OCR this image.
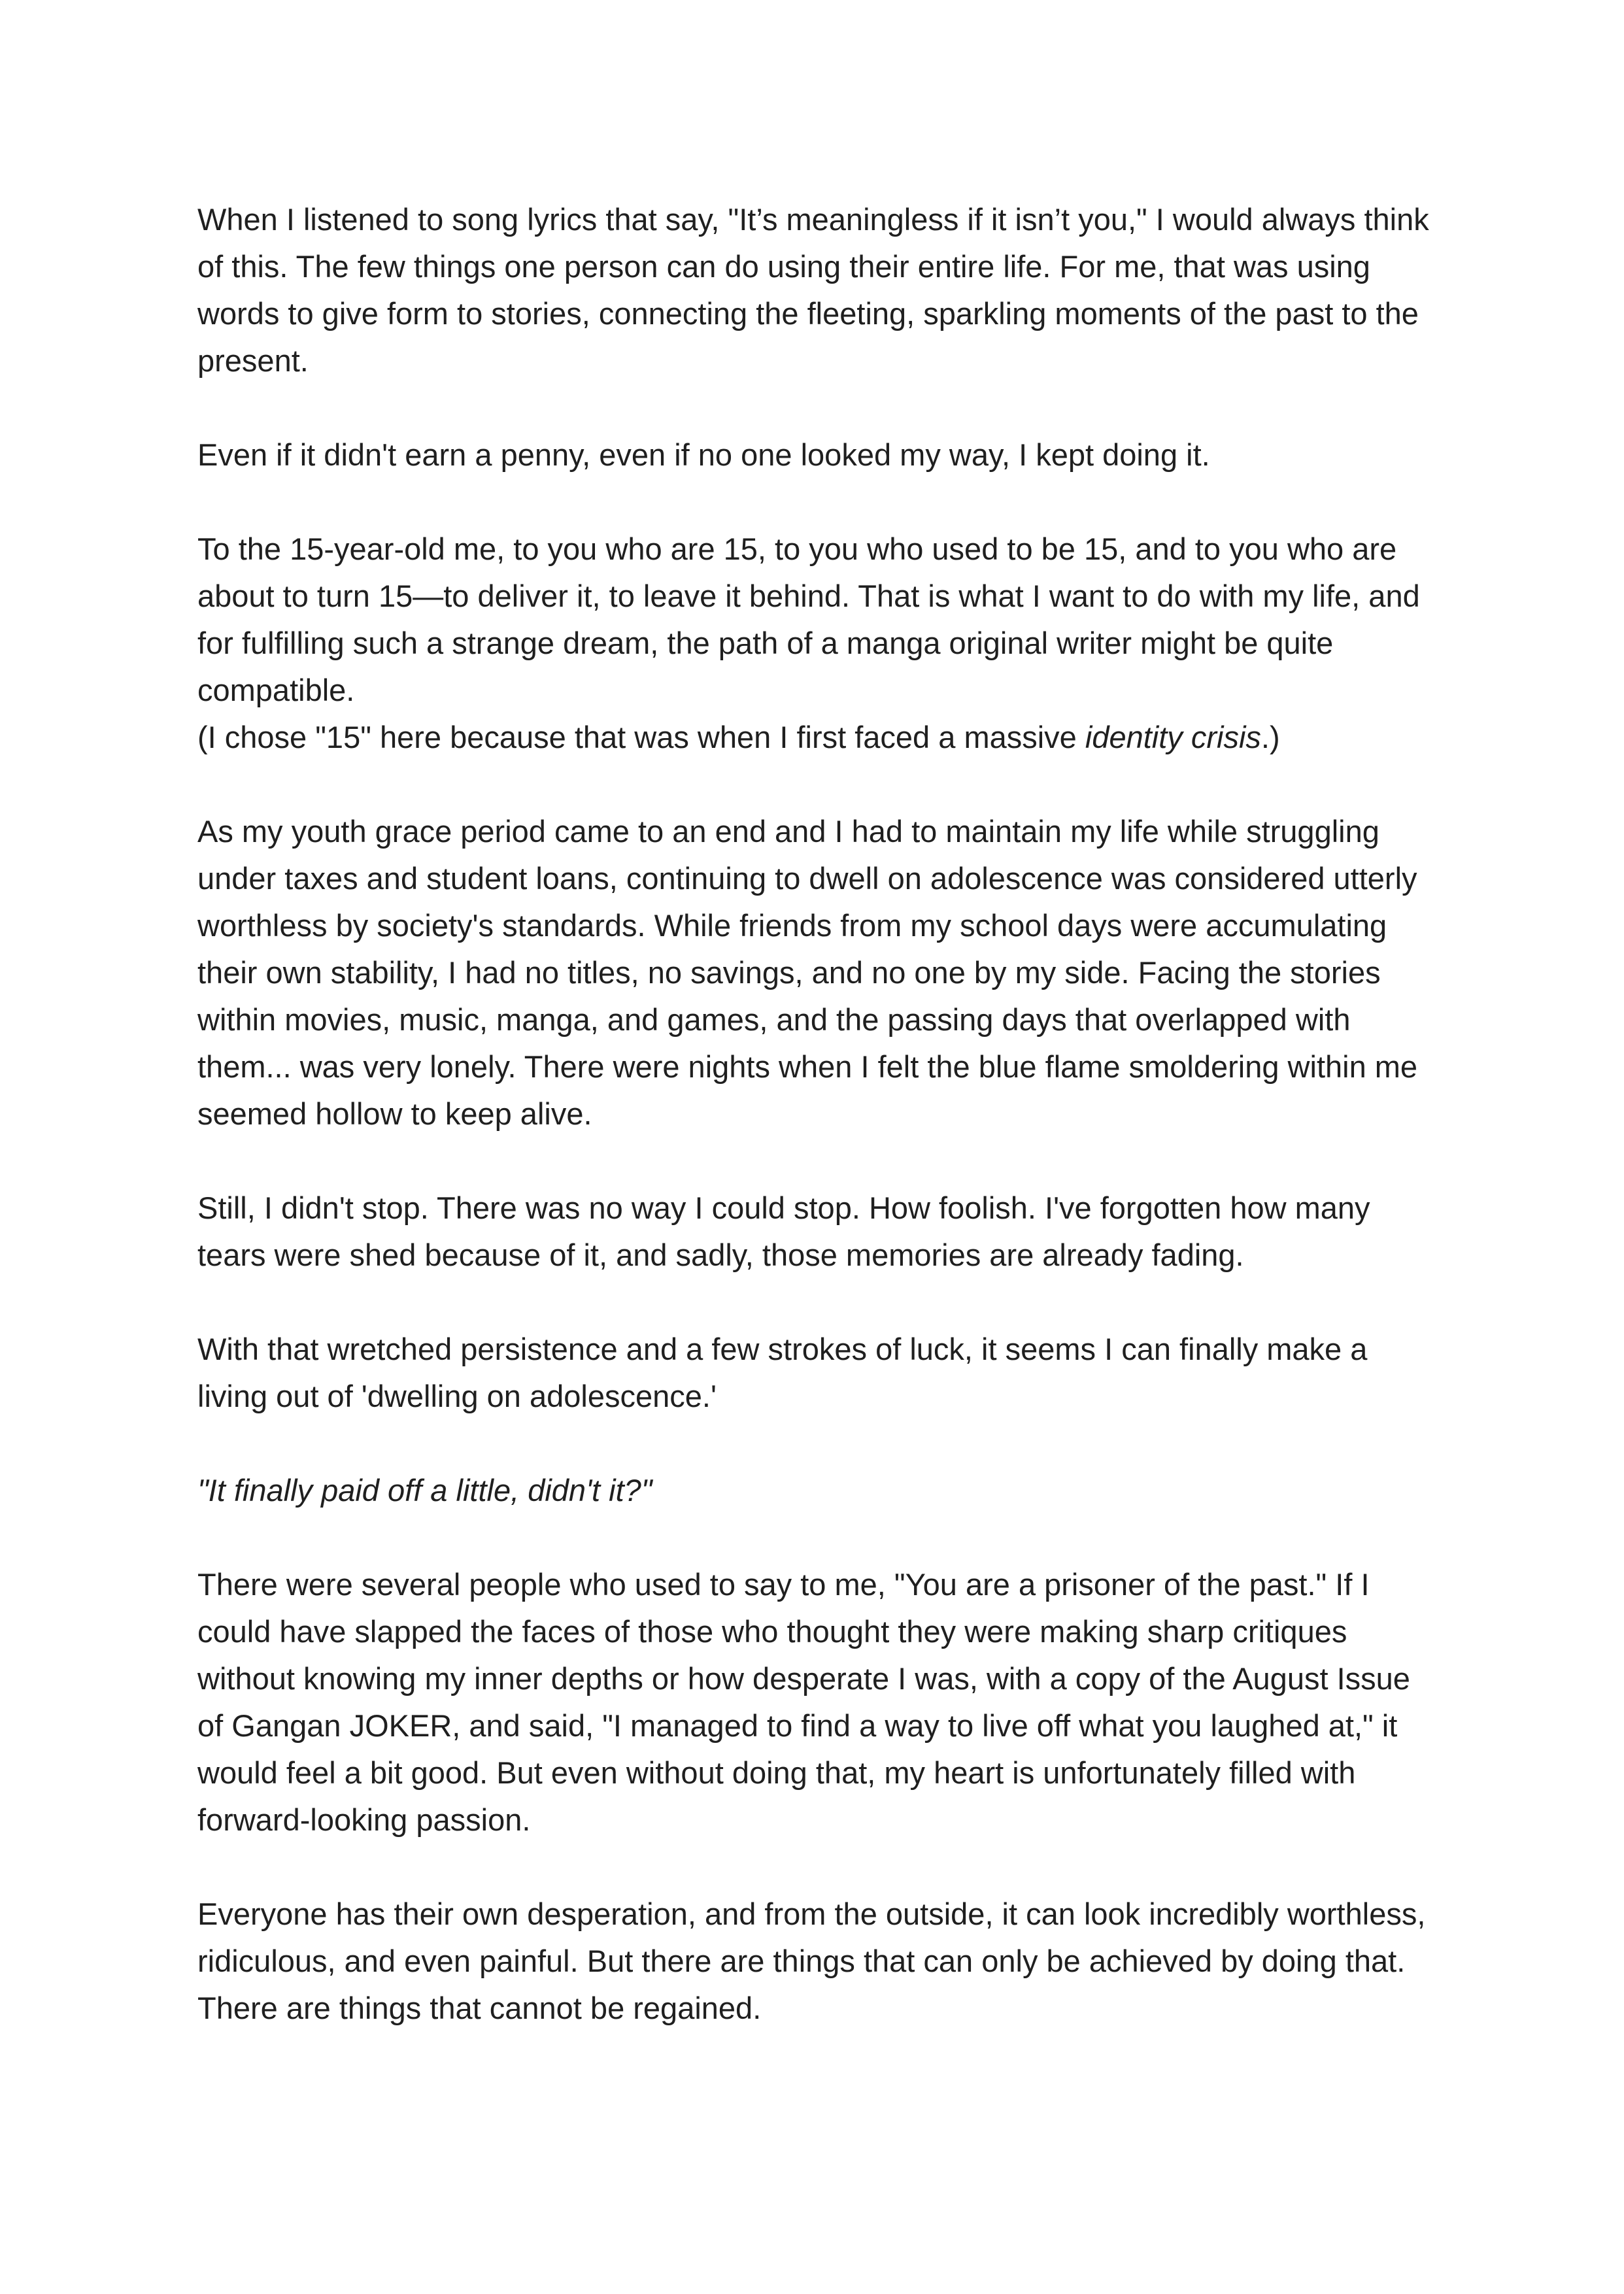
When I listened to song lyrics that say, "It’s meaningless if it isn’t you," I would always think of this. The few things one person can do using their entire life. For me, that was using words to give form to stories, connecting the fleeting, sparkling moments of the past to the present.

Even if it didn't earn a penny, even if no one looked my way, I kept doing it.

To the 15-year-old me, to you who are 15, to you who used to be 15, and to you who are about to turn 15—to deliver it, to leave it behind. That is what I want to do with my life, and for fulfilling such a strange dream, the path of a manga original writer might be quite compatible.

(I chose "15" here because that was when I first faced a massive identity crisis.)

As my youth grace period came to an end and I had to maintain my life while struggling under taxes and student loans, continuing to dwell on adolescence was considered utterly worthless by society's standards. While friends from my school days were accumulating their own stability, I had no titles, no savings, and no one by my side. Facing the stories within movies, music, manga, and games, and the passing days that overlapped with them... was very lonely. There were nights when I felt the blue flame smoldering within me seemed hollow to keep alive.

Still, I didn't stop. There was no way I could stop. How foolish. I've forgotten how many tears were shed because of it, and sadly, those memories are already fading.

With that wretched persistence and a few strokes of luck, it seems I can finally make a living out of 'dwelling on adolescence.'

"It finally paid off a little, didn't it?"

There were several people who used to say to me, "You are a prisoner of the past." If I could have slapped the faces of those who thought they were making sharp critiques without knowing my inner depths or how desperate I was, with a copy of the August Issue of Gangan JOKER, and said, "I managed to find a way to live off what you laughed at," it would feel a bit good. But even without doing that, my heart is unfortunately filled with forward-looking passion.

Everyone has their own desperation, and from the outside, it can look incredibly worthless, ridiculous, and even painful. But there are things that can only be achieved by doing that. There are things that cannot be regained.
